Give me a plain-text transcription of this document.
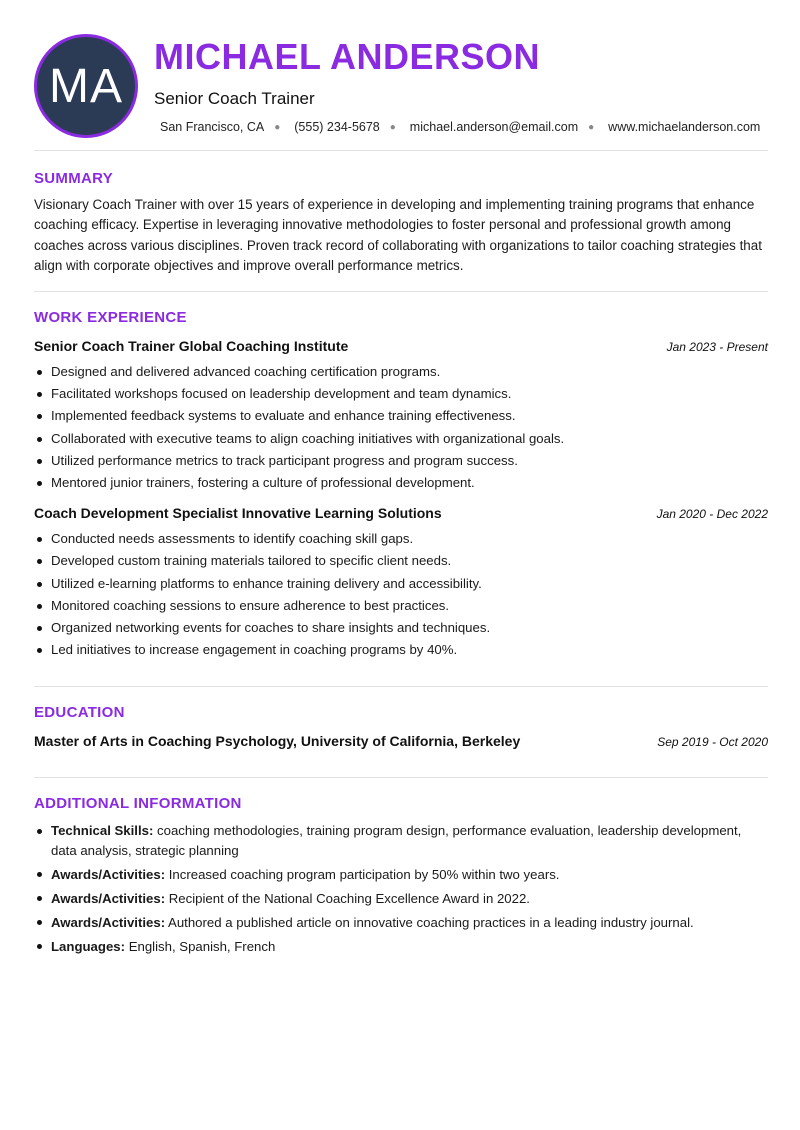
MA
MICHAEL ANDERSON
Senior Coach Trainer
San Francisco, CA ● (555) 234-5678 ● michael.anderson@email.com ● www.michaelanderson.com
SUMMARY
Visionary Coach Trainer with over 15 years of experience in developing and implementing training programs that enhance coaching efficacy. Expertise in leveraging innovative methodologies to foster personal and professional growth among coaches across various disciplines. Proven track record of collaborating with organizations to tailor coaching strategies that align with corporate objectives and improve overall performance metrics.
WORK EXPERIENCE
Senior Coach Trainer Global Coaching Institute	Jan 2023 - Present
Designed and delivered advanced coaching certification programs.
Facilitated workshops focused on leadership development and team dynamics.
Implemented feedback systems to evaluate and enhance training effectiveness.
Collaborated with executive teams to align coaching initiatives with organizational goals.
Utilized performance metrics to track participant progress and program success.
Mentored junior trainers, fostering a culture of professional development.
Coach Development Specialist Innovative Learning Solutions	Jan 2020 - Dec 2022
Conducted needs assessments to identify coaching skill gaps.
Developed custom training materials tailored to specific client needs.
Utilized e-learning platforms to enhance training delivery and accessibility.
Monitored coaching sessions to ensure adherence to best practices.
Organized networking events for coaches to share insights and techniques.
Led initiatives to increase engagement in coaching programs by 40%.
EDUCATION
Master of Arts in Coaching Psychology, University of California, Berkeley	Sep 2019 - Oct 2020
ADDITIONAL INFORMATION
Technical Skills: coaching methodologies, training program design, performance evaluation, leadership development, data analysis, strategic planning
Awards/Activities: Increased coaching program participation by 50% within two years.
Awards/Activities: Recipient of the National Coaching Excellence Award in 2022.
Awards/Activities: Authored a published article on innovative coaching practices in a leading industry journal.
Languages: English, Spanish, French
